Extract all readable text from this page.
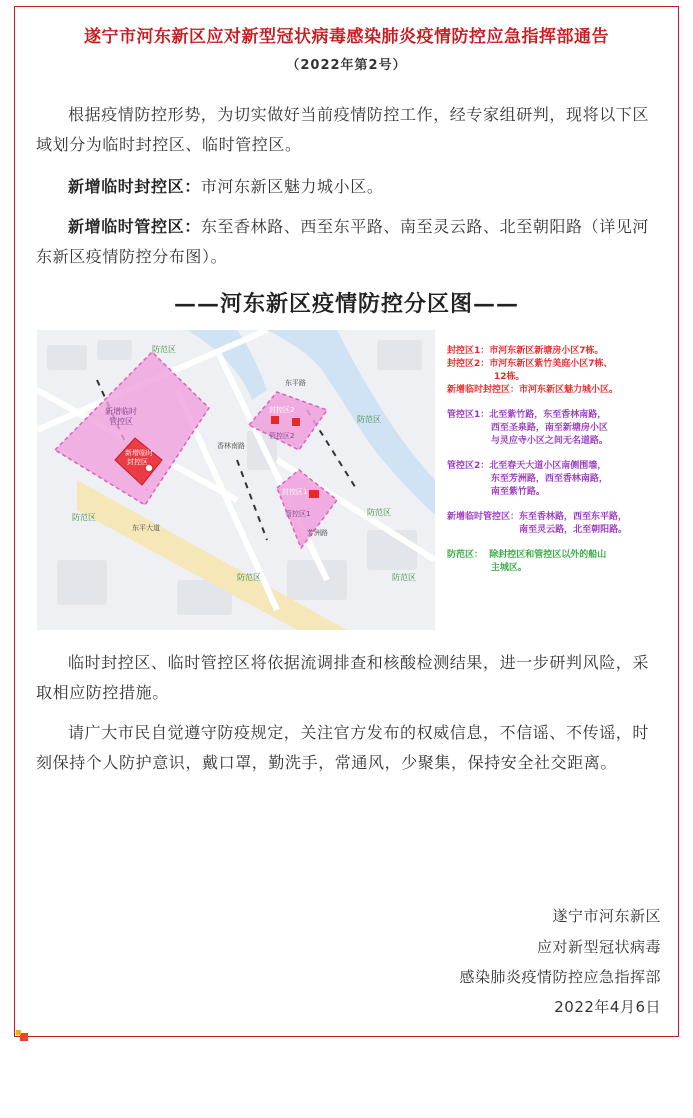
遂宁市河东新区应对新型冠状病毒感染肺炎疫情防控应急指挥部通告
（2022年第2号）

根据疫情防控形势，为切实做好当前疫情防控工作，经专家组研判，现将以下区域划分为临时封控区、临时管控区。

新增临时封控区：市河东新区魅力城小区。

新增临时管控区：东至香林路、西至东平路、南至灵云路、北至朝阳路（详见河东新区疫情防控分布图）。

——河东新区疫情防控分区图——
防范区
防范区
防范区
防范区
防范区
防范区
新增临时
管控区
新增临时
封控区
封控区2
管控区2
封控区1
管控区1
东平路
香林南路
芳洲路
东平大道
封控区1：市河东新区新塘房小区7栋。
封控区2：市河东新区紫竹美庭小区7栋、
12栋。
新增临时封控区：市河东新区魅力城小区。
管控区1：北至紫竹路，东至香林南路，
西至圣泉路，南至新塘房小区
与灵应寺小区之间无名道路。
管控区2：北至春天大道小区南侧围墙，
东至芳洲路，西至香林南路，
南至紫竹路。
新增临时管控区：东至香林路，西至东平路，
南至灵云路，北至朝阳路。
防范区：  除封控区和管控区以外的船山
主城区。

临时封控区、临时管控区将依据流调排查和核酸检测结果，进一步研判风险，采取相应防控措施。

请广大市民自觉遵守防疫规定，关注官方发布的权威信息，不信谣、不传谣，时刻保持个人防护意识，戴口罩，勤洗手，常通风，少聚集，保持安全社交距离。

遂宁市河东新区
应对新型冠状病毒
感染肺炎疫情防控应急指挥部
2022年4月6日
